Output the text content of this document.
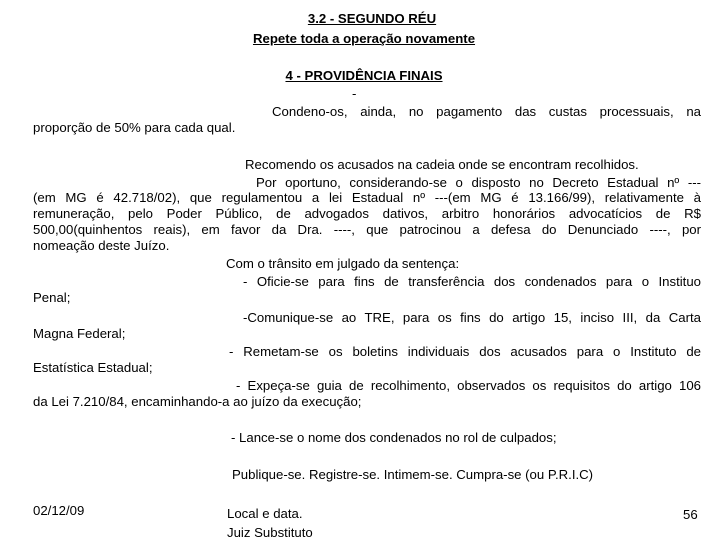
3.2 - SEGUNDO RÉU
Repete toda a operação novamente
4 - PROVIDÊNCIA FINAIS
-
Condeno-os, ainda, no pagamento das custas processuais, na
proporção de 50% para cada qual.
Recomendo os acusados na cadeia onde se encontram recolhidos.
Por oportuno, considerando-se o disposto no Decreto Estadual nº ---
(em MG é 42.718/02), que regulamentou a lei Estadual nº ---(em MG é 13.166/99), relativamente à
remuneração, pelo Poder Público, de advogados dativos, arbitro honorários advocatícios de R$
500,00(quinhentos reais), em favor da Dra. ----, que patrocinou a defesa do Denunciado ----, por
nomeação deste Juízo.
Com o trânsito em julgado da sentença:
- Oficie-se para fins de transferência dos condenados para o Instituo
Penal;
-Comunique-se ao TRE, para os fins do artigo 15, inciso III, da Carta
Magna Federal;
- Remetam-se os boletins individuais dos acusados para o Instituto de
Estatística Estadual;
- Expeça-se guia de recolhimento, observados os requisitos do artigo 106
da Lei 7.210/84, encaminhando-a ao juízo da execução;
- Lance-se o nome dos condenados no rol de culpados;
Publique-se. Registre-se. Intimem-se. Cumpra-se (ou P.R.I.C)
02/12/09	Local e data.	56
Juiz Substituto
